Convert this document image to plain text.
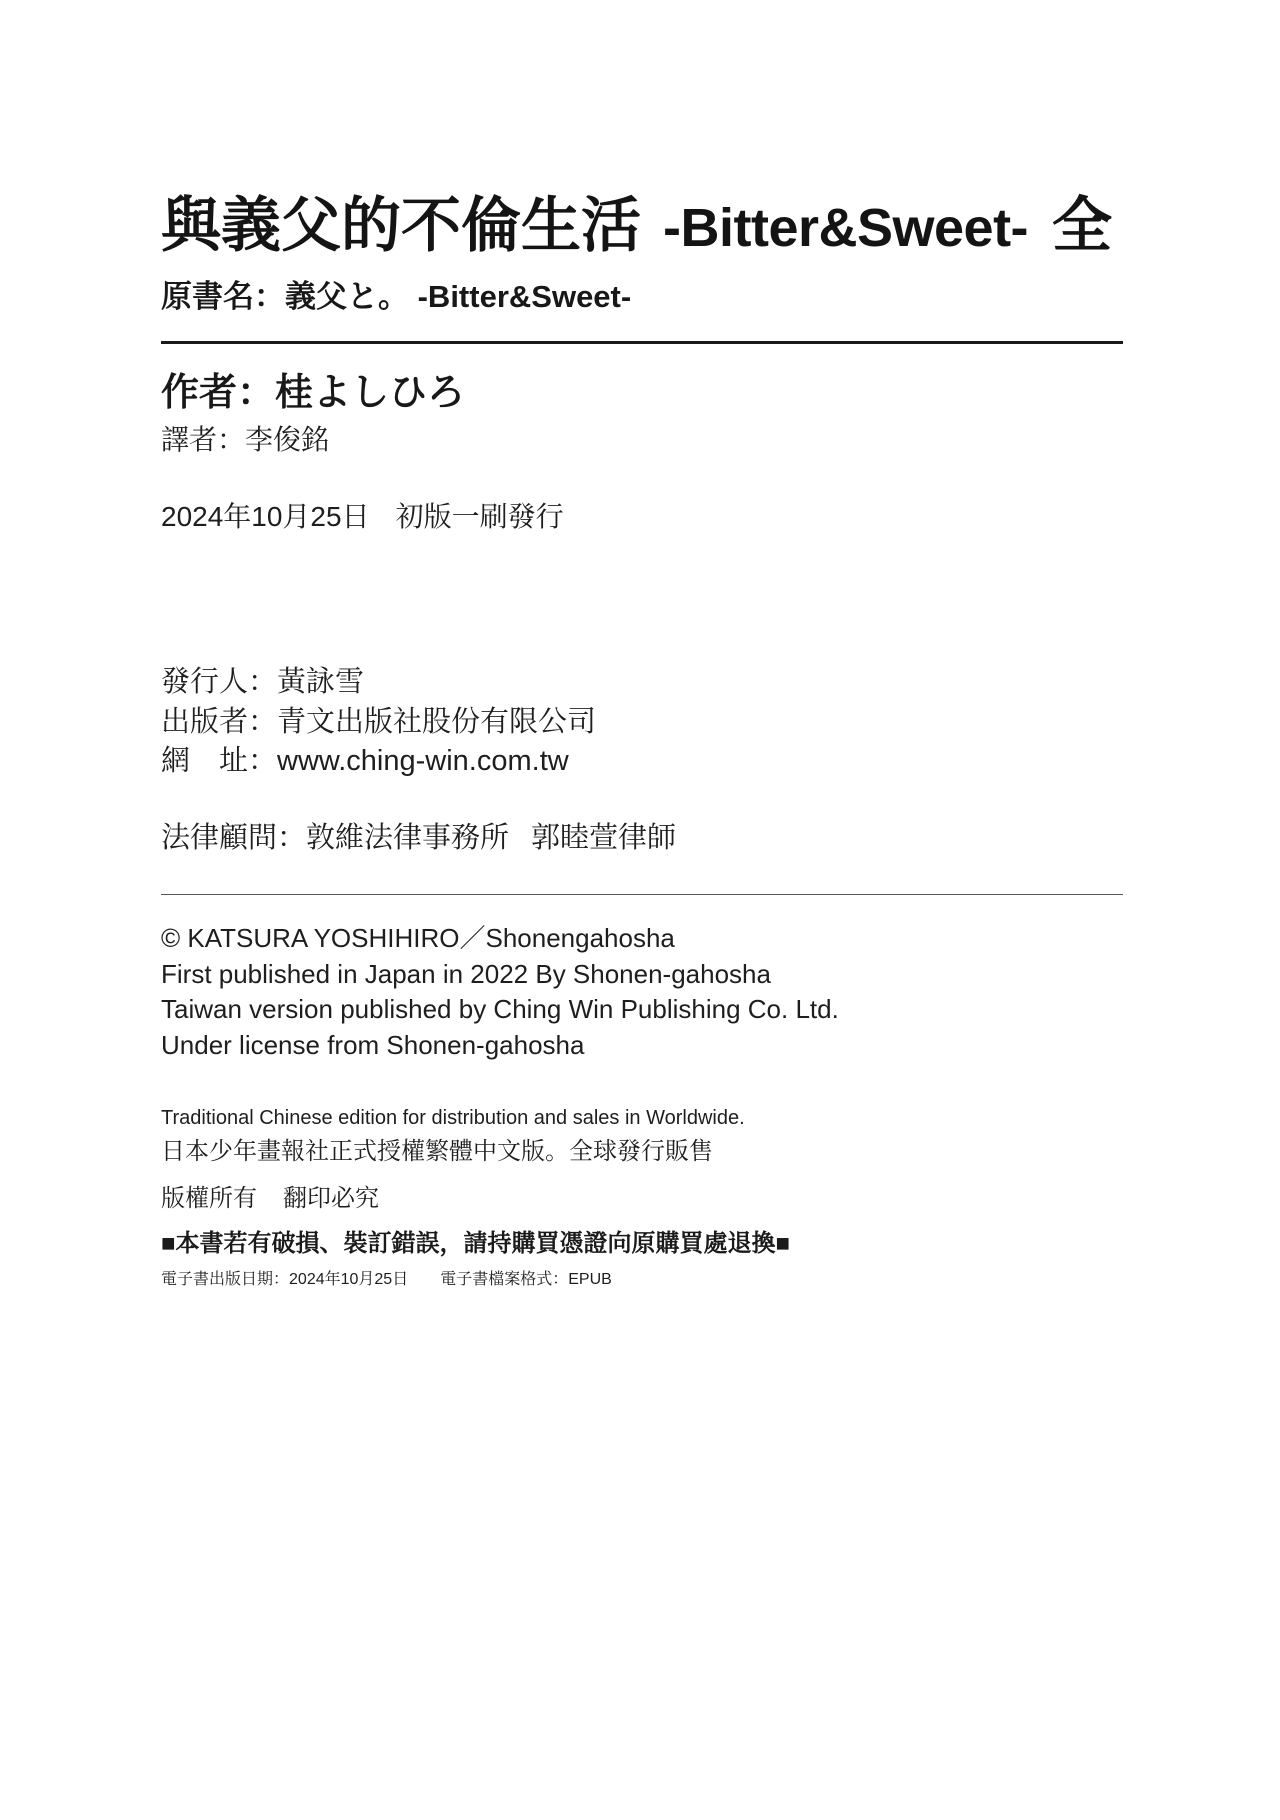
與義父的不倫生活 -Bitter&Sweet- 全
原書名：義父と。 -Bitter&Sweet-
作者：桂よしひろ
譯者：李俊銘
2024年10月25日 初版一刷發行
發行人：黃詠雪
出版者：青文出版社股份有限公司
網　址：www.ching-win.com.tw
法律顧問：敦維法律事務所 郭睦萱律師
© KATSURA YOSHIHIRO／Shonengahosha
First published in Japan in 2022 By Shonen-gahosha
Taiwan version published by Ching Win Publishing Co. Ltd.
Under license from Shonen-gahosha
Traditional Chinese edition for distribution and sales in Worldwide.
日本少年畫報社正式授權繁體中文版。全球發行販售
版權所有 翻印必究
■本書若有破損、裝訂錯誤，請持購買憑證向原購買處退換■
電子書出版日期：2024年10月25日 電子書檔案格式：EPUB
